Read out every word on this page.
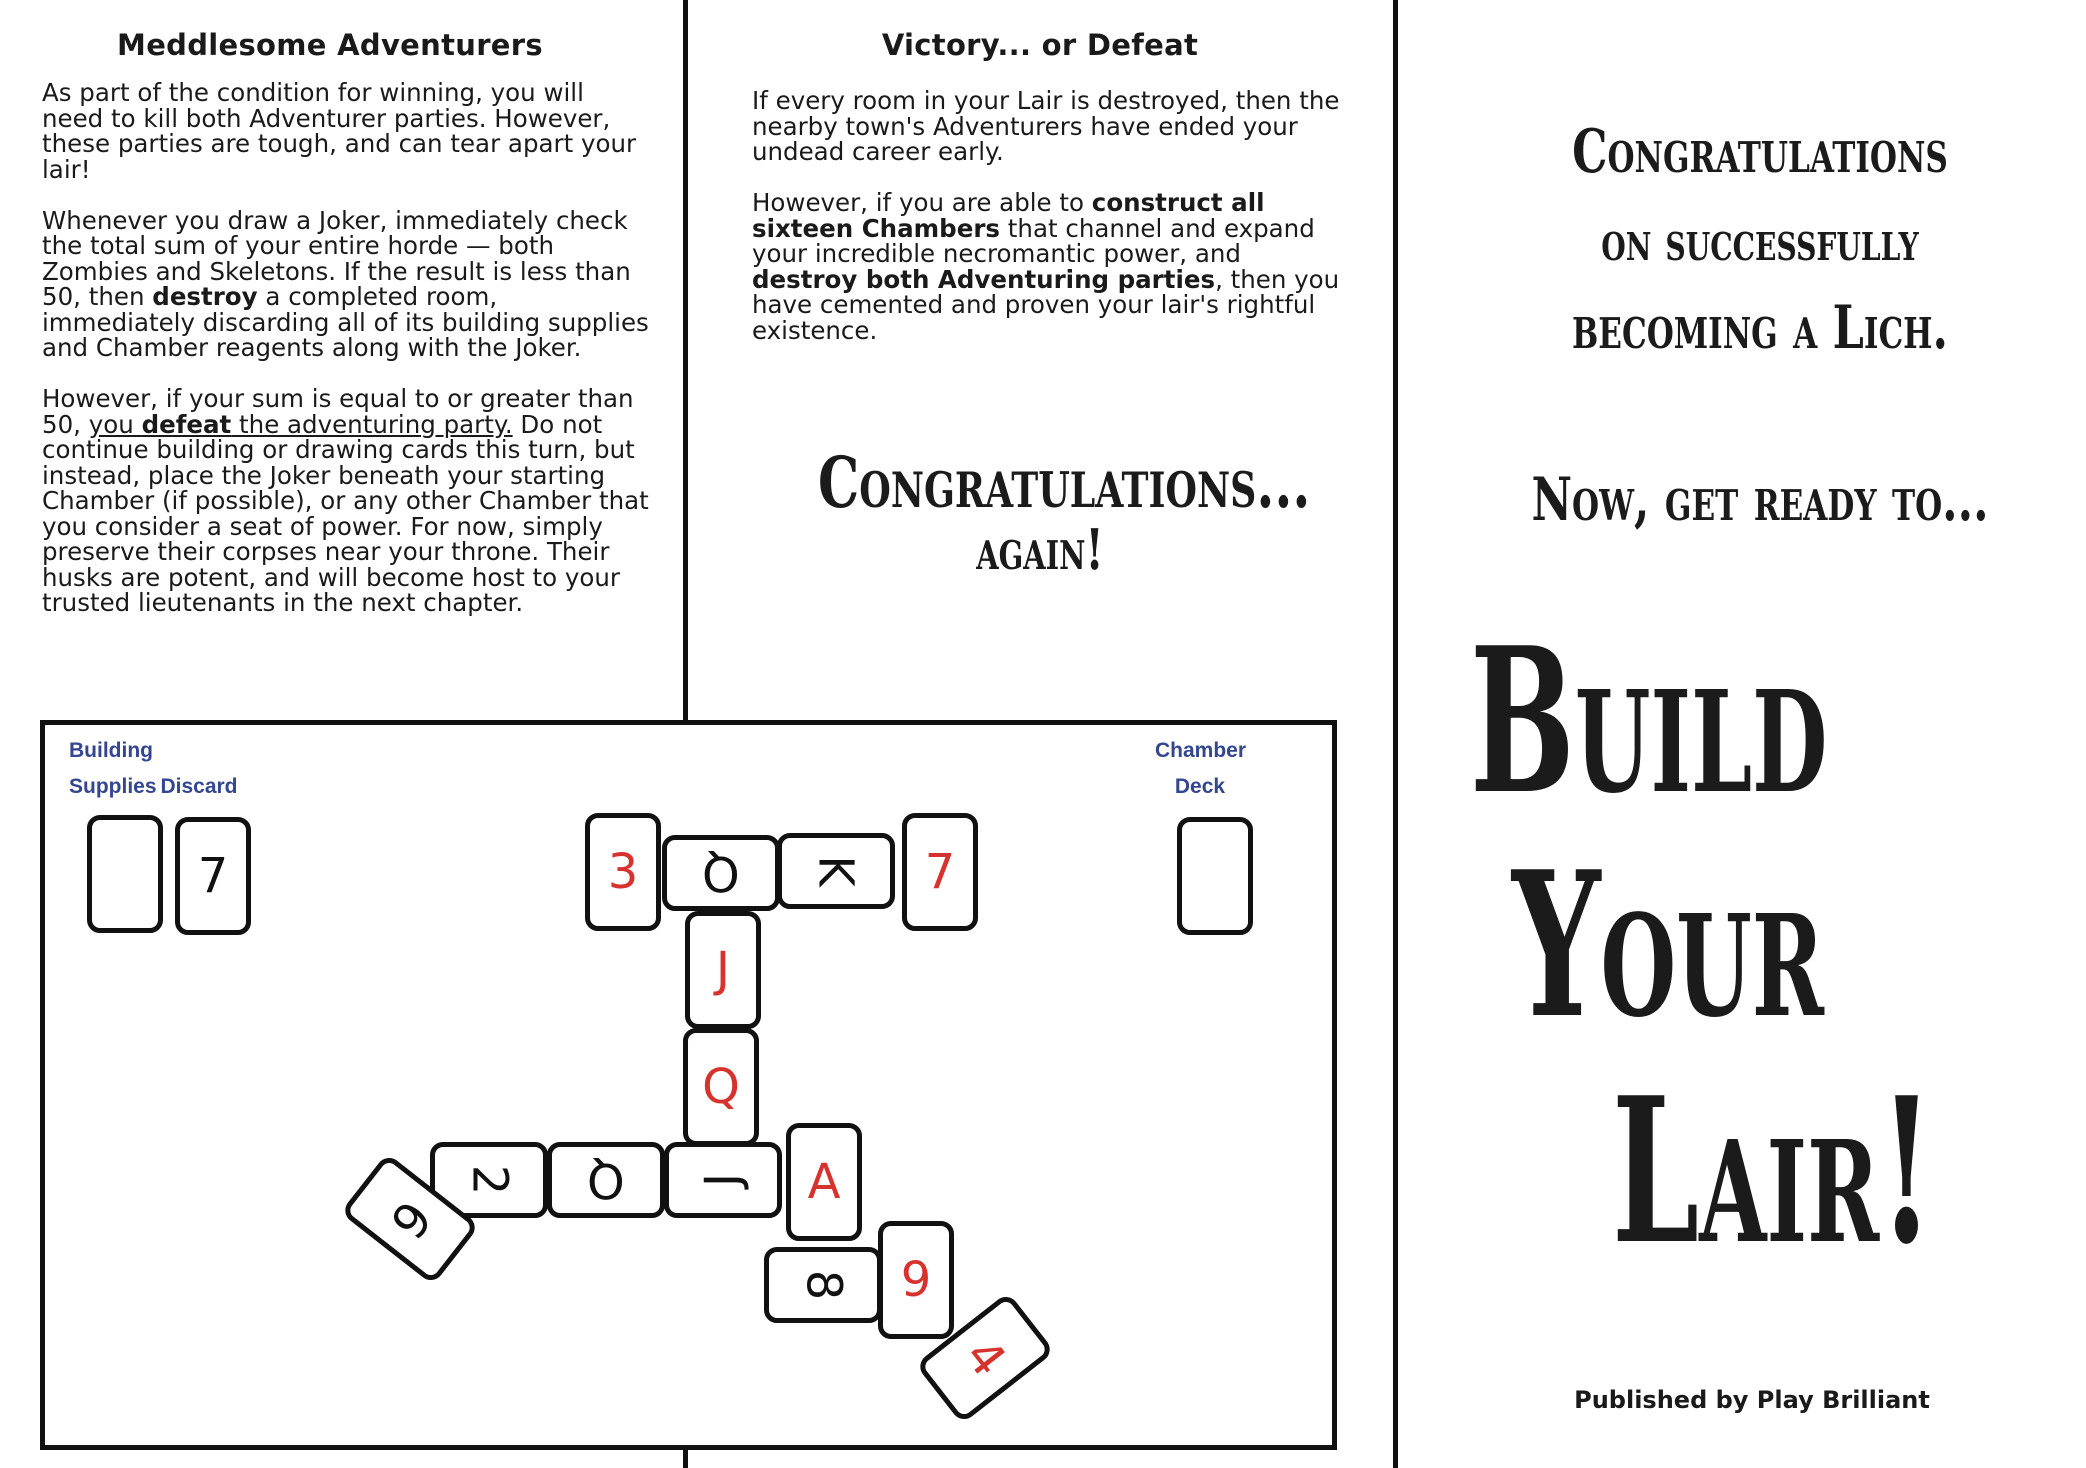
Meddlesome Adventurers

As part of the condition for winning, you will need to kill both Adventurer parties. However, these parties are tough, and can tear apart your lair!

Whenever you draw a Joker, immediately check the total sum of your entire horde — both Zombies and Skeletons. If the result is less than 50, then destroy a completed room, immediately discarding all of its building supplies and Chamber reagents along with the Joker.

However, if your sum is equal to or greater than 50, you defeat the adventuring party. Do not continue building or drawing cards this turn, but instead, place the Joker beneath your starting Chamber (if possible), or any other Chamber that you consider a seat of power. For now, simply preserve their corpses near your throne. Their husks are potent, and will become host to your trusted lieutenants in the next chapter.

Victory... or Defeat

If every room in your Lair is destroyed, then the nearby town's Adventurers have ended your undead career early.

However, if you are able to construct all sixteen Chambers that channel and expand your incredible necromantic power, and destroy both Adventuring parties, then you have cemented and proven your lair's rightful existence.

Congratulations...
again!
Building
Supplies Discard
Chamber
Deck
7	3 Q K 7
J
Q
2 Q J A
6
8 9
4
Congratulations
on successfully
becoming a Lich.
Now, get ready to...
Build
Your
Lair!
Published by Play Brilliant
